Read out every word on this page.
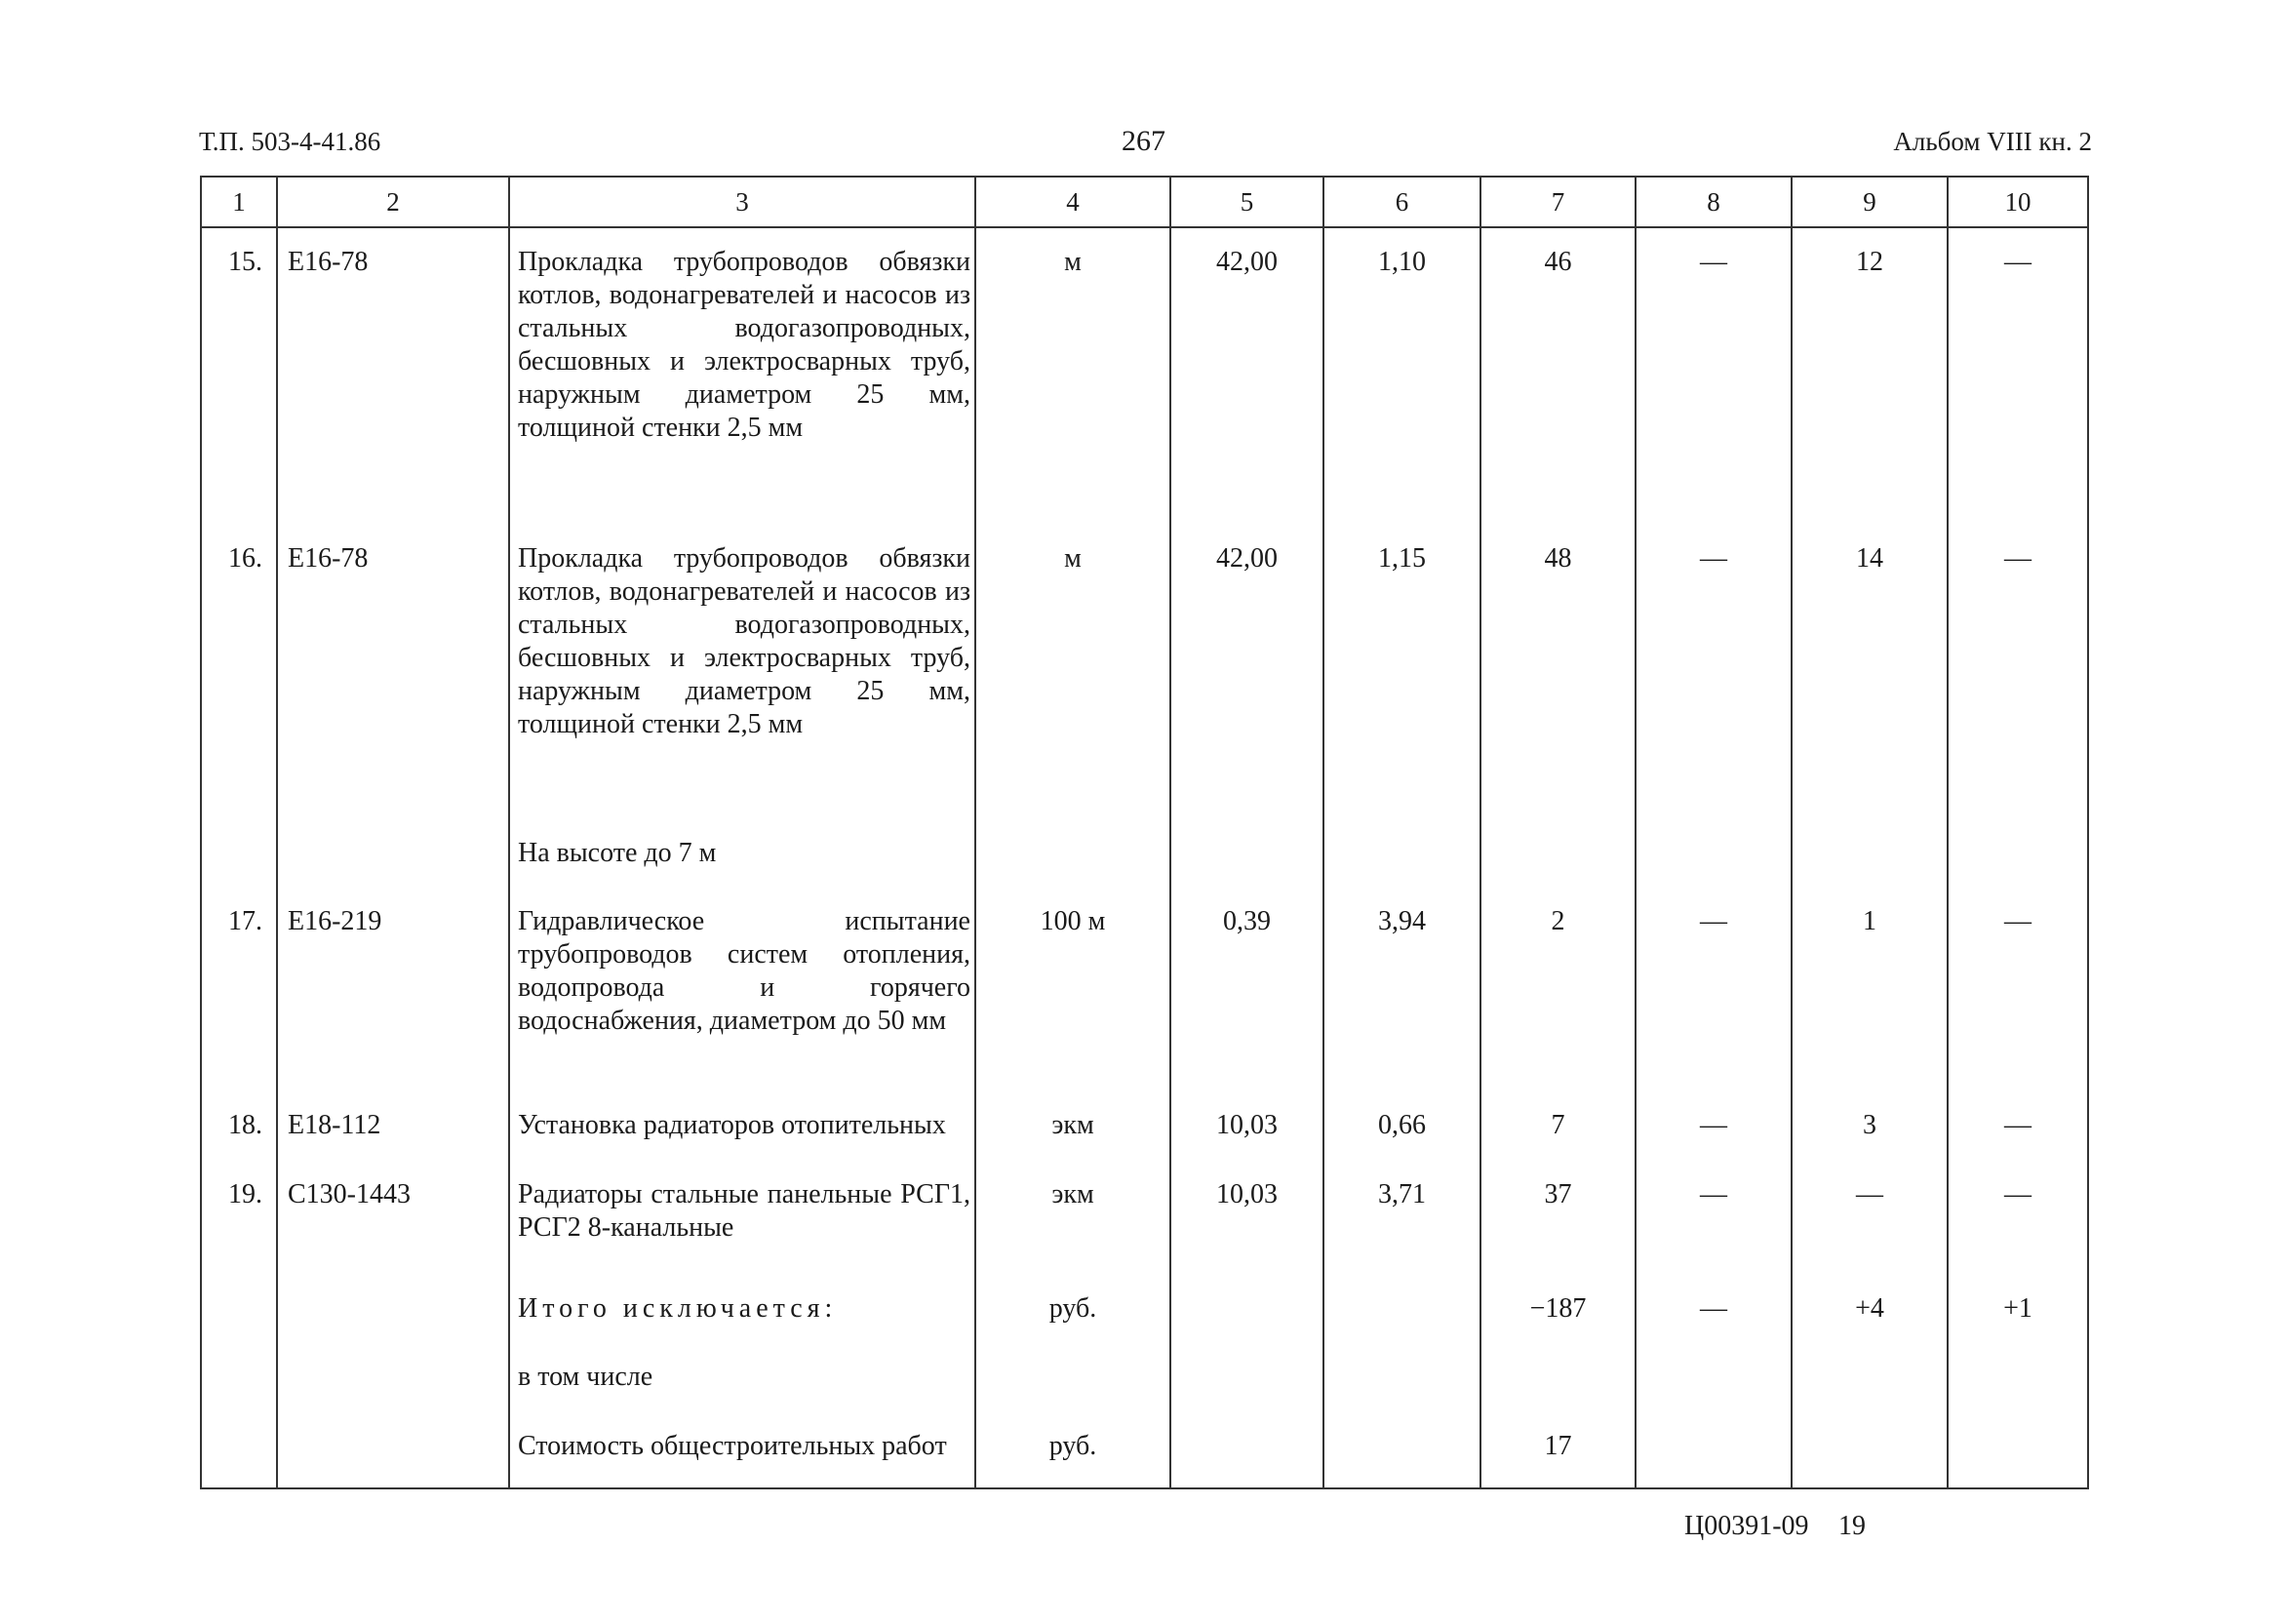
Т.П. 503-4-41.86	267	Альбом VIII кн. 2
1	2	3	4	5	6	7	8	9	10
15.	Е16-78	Прокладка трубопроводов обвязки котлов, водонагревателей и насосов из стальных водогазопроводных, бесшовных и электросварных труб, наружным диаметром 25 мм, толщиной стенки 2,5 мм	м	42,00	1,10	46	—	12	—
16.	Е16-78	Прокладка трубопроводов обвязки котлов, водонагревателей и насосов из стальных водогазопроводных, бесшовных и электросварных труб, наружным диаметром 25 мм, толщиной стенки 2,5 мм	м	42,00	1,15	48	—	14	—
		На высоте до 7 м							
17.	Е16-219	Гидравлическое испытание трубопроводов систем отопления, водопровода и горячего водоснабжения, диаметром до 50 мм	100 м	0,39	3,94	2	—	1	—
18.	Е18-112	Установка радиаторов отопительных	экм	10,03	0,66	7	—	3	—
19.	С130-1443	Радиаторы стальные панельные РСГ1, РСГ2 8-канальные	экм	10,03	3,71	37	—	—	—
		Итого исключается:	руб.			−187	—	+4	+1
		в том числе							
		Стоимость общестроительных работ	руб.			17			

Ц00391-09 19
